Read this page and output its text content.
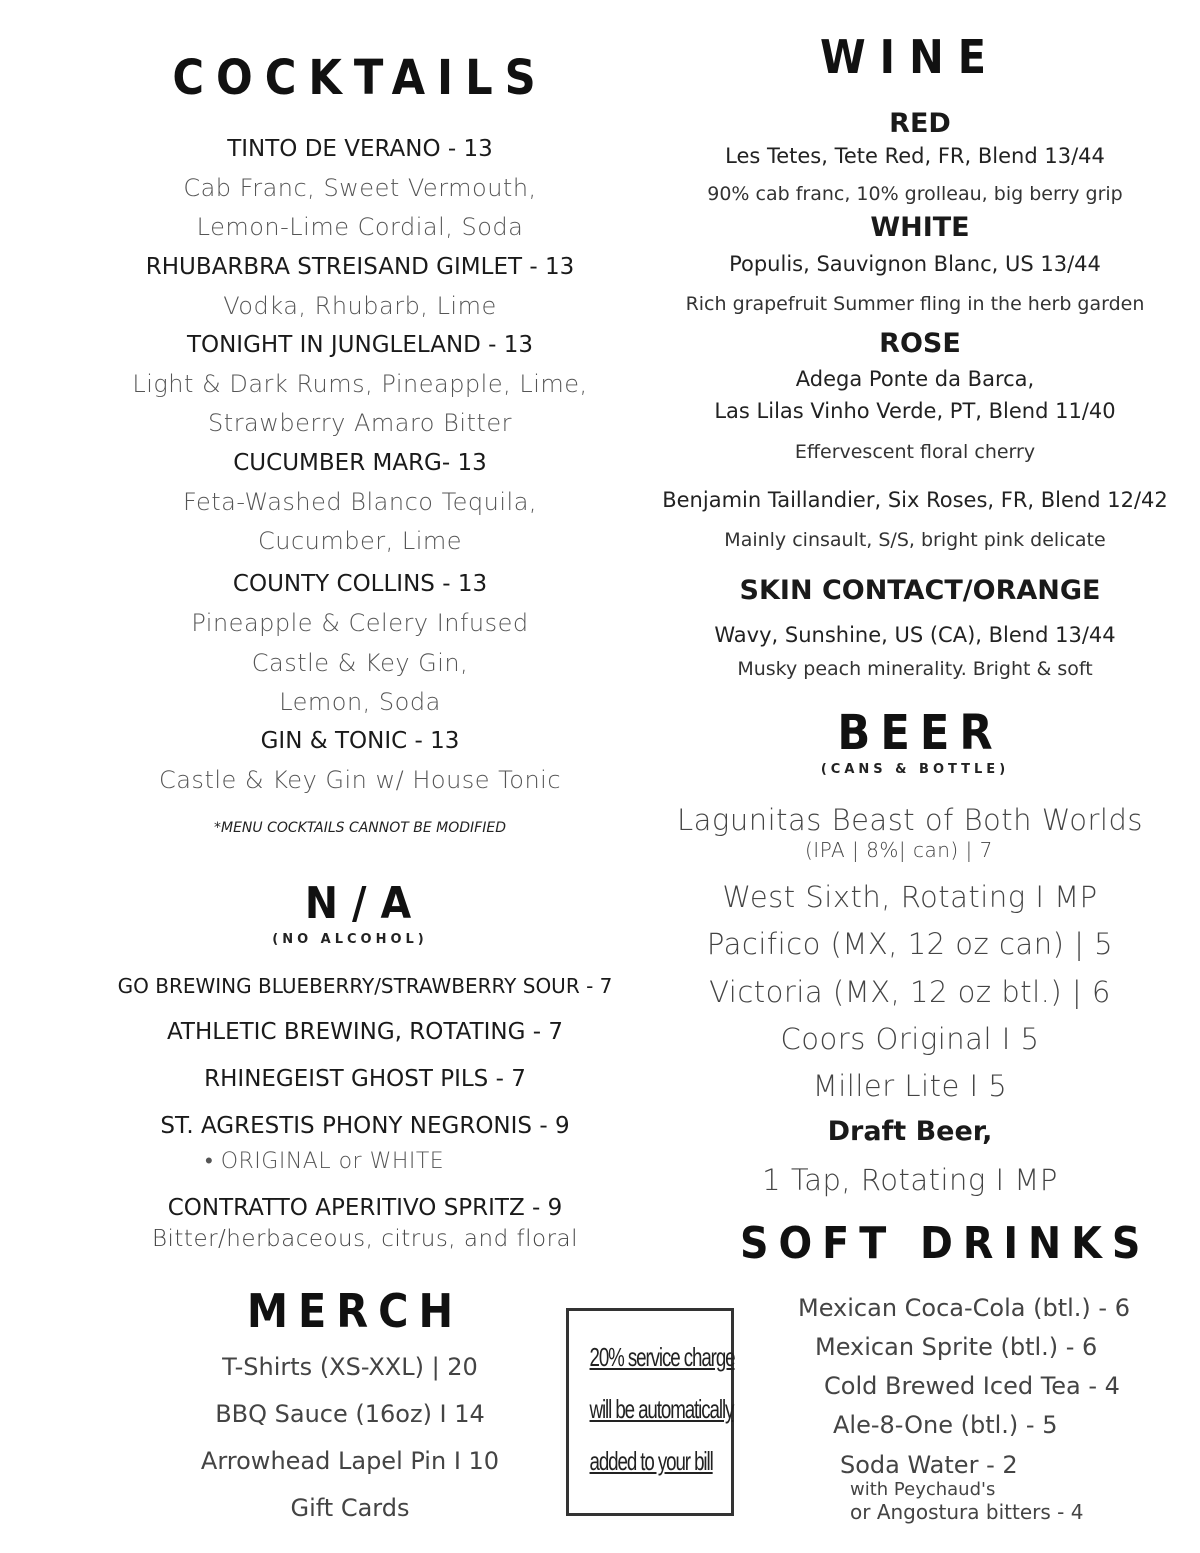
COCKTAILS
TINTO DE VERANO - 13
Cab Franc, Sweet Vermouth,
Lemon-Lime Cordial, Soda
RHUBARBRA STREISAND GIMLET - 13
Vodka, Rhubarb, Lime
TONIGHT IN JUNGLELAND - 13
Light & Dark Rums, Pineapple, Lime,
Strawberry Amaro Bitter
CUCUMBER MARG- 13
Feta-Washed Blanco Tequila,
Cucumber, Lime
COUNTY COLLINS - 13
Pineapple & Celery Infused
Castle & Key Gin,
Lemon, Soda
GIN & TONIC - 13
Castle & Key Gin w/ House Tonic
*MENU COCKTAILS CANNOT BE MODIFIED
N/A
(NO ALCOHOL)
GO BREWING BLUEBERRY/STRAWBERRY SOUR - 7
ATHLETIC BREWING, ROTATING - 7
RHINEGEIST GHOST PILS - 7
ST. AGRESTIS PHONY NEGRONIS - 9
• ORIGINAL or WHITE
CONTRATTO APERITIVO SPRITZ - 9
Bitter/herbaceous, citrus, and floral
MERCH
T-Shirts (XS-XXL) | 20
BBQ Sauce (16oz) I 14
Arrowhead Lapel Pin I 10
Gift Cards
20% service charge
will be automatically
added to your bill
WINE
RED
Les Tetes, Tete Red, FR, Blend 13/44
90% cab franc, 10% grolleau, big berry grip
WHITE
Populis, Sauvignon Blanc, US 13/44
Rich grapefruit Summer fling in the herb garden
ROSE
Adega Ponte da Barca,
Las Lilas Vinho Verde, PT, Blend 11/40
Effervescent floral cherry
Benjamin Taillandier, Six Roses, FR, Blend 12/42
Mainly cinsault, S/S, bright pink delicate
SKIN CONTACT/ORANGE
Wavy, Sunshine, US (CA), Blend 13/44
Musky peach minerality. Bright & soft
BEER
(CANS & BOTTLE)
Lagunitas Beast of Both Worlds
(IPA | 8%| can) | 7
West Sixth, Rotating I MP
Pacifico (MX, 12 oz can) | 5
Victoria (MX, 12 oz btl.) | 6
Coors Original I 5
Miller Lite I 5
Draft Beer,
1 Tap, Rotating I MP
SOFT DRINKS
Mexican Coca-Cola (btl.) - 6
Mexican Sprite (btl.) - 6
Cold Brewed Iced Tea - 4
Ale-8-One (btl.) - 5
Soda Water - 2
with Peychaud's
or Angostura bitters - 4
